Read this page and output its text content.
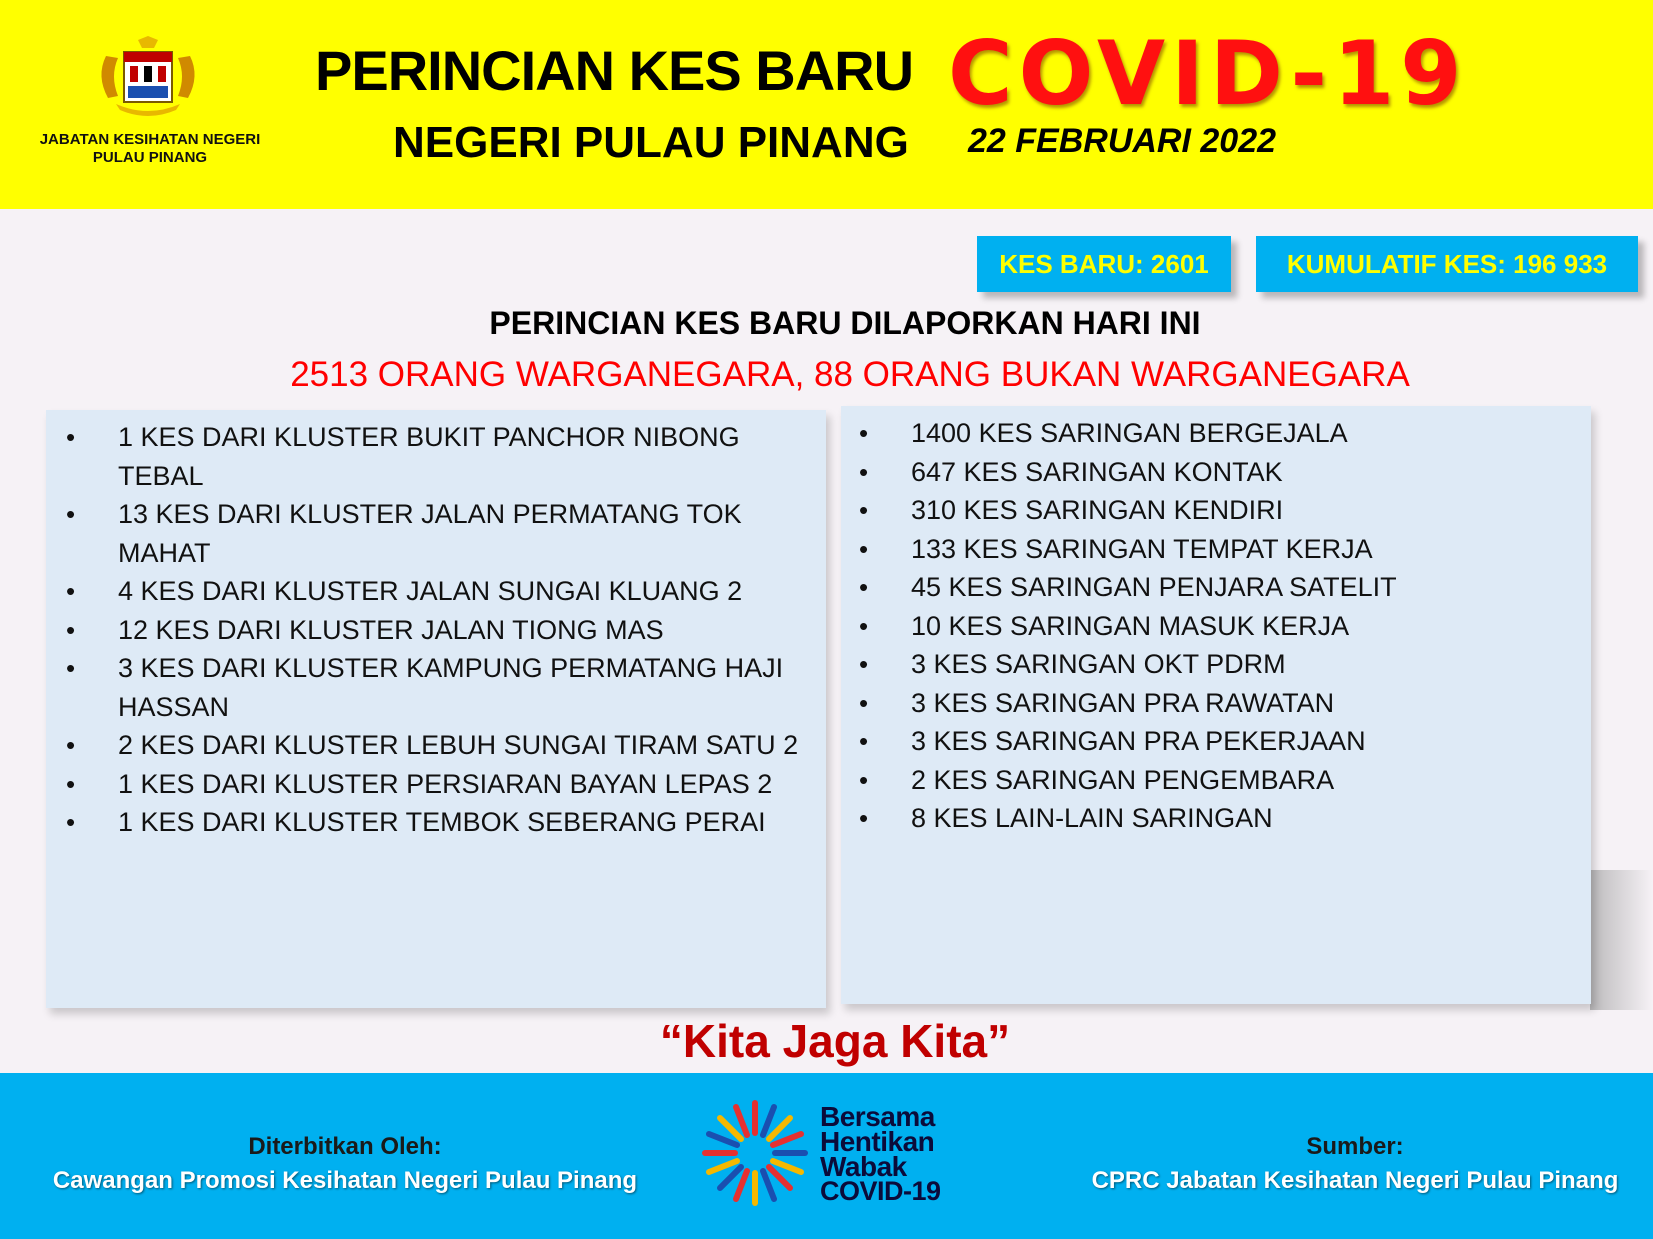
JABATAN KESIHATAN NEGERI
PULAU PINANG
PERINCIAN KES BARU COVID-19
NEGERI PULAU PINANG 22 FEBRUARI 2022
KES BARU: 2601	KUMULATIF KES: 196 933
PERINCIAN KES BARU DILAPORKAN HARI INI
2513 ORANG WARGANEGARA, 88 ORANG BUKAN WARGANEGARA
• 1 KES DARI KLUSTER BUKIT PANCHOR NIBONG TEBAL
• 13 KES DARI KLUSTER JALAN PERMATANG TOK MAHAT
• 4 KES DARI KLUSTER JALAN SUNGAI KLUANG 2
• 12 KES DARI KLUSTER JALAN TIONG MAS
• 3 KES DARI KLUSTER KAMPUNG PERMATANG HAJI HASSAN
• 2 KES DARI KLUSTER LEBUH SUNGAI TIRAM SATU 2
• 1 KES DARI KLUSTER PERSIARAN BAYAN LEPAS 2
• 1 KES DARI KLUSTER TEMBOK SEBERANG PERAI
• 1400 KES SARINGAN BERGEJALA
• 647 KES SARINGAN KONTAK
• 310 KES SARINGAN KENDIRI
• 133 KES SARINGAN TEMPAT KERJA
• 45 KES SARINGAN PENJARA SATELIT
• 10 KES SARINGAN MASUK KERJA
• 3 KES SARINGAN OKT PDRM
• 3 KES SARINGAN PRA RAWATAN
• 3 KES SARINGAN PRA PEKERJAAN
• 2 KES SARINGAN PENGEMBARA
• 8 KES LAIN-LAIN SARINGAN
“Kita Jaga Kita”
Diterbitkan Oleh:
Cawangan Promosi Kesihatan Negeri Pulau Pinang
Bersama
Hentikan
Wabak
COVID-19
Sumber:
CPRC Jabatan Kesihatan Negeri Pulau Pinang
